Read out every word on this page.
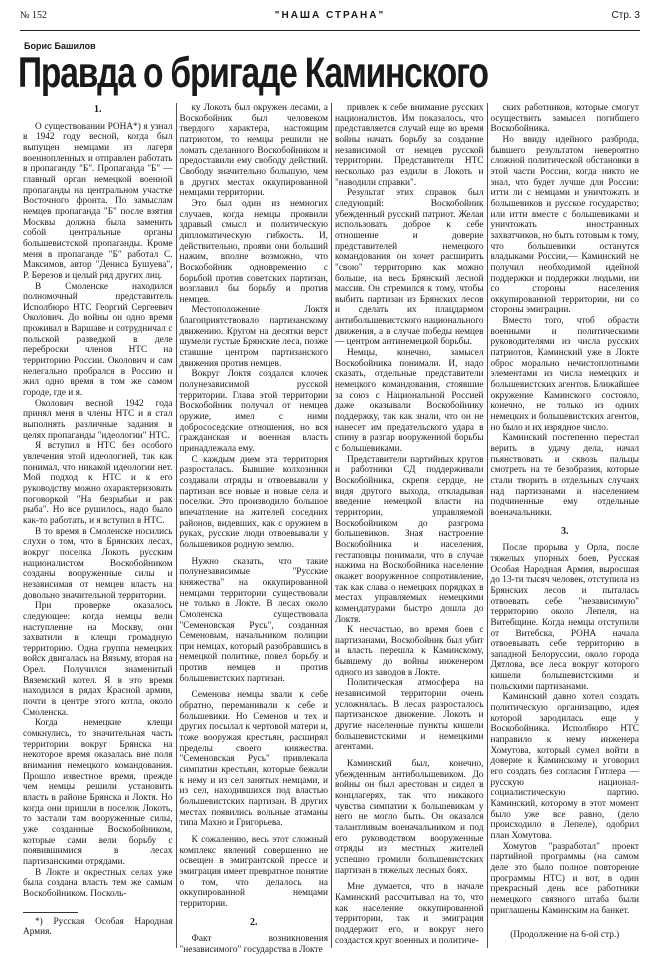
№ 152	"НАША СТРАНА"	Стр. 3
Борис Башилов
Правда о бригаде Каминского
1.

О существовании РОНА*) я узнал в 1942 году весной, когда был выпущен немцами из лагеря военнопленных и отправлен работать в пропаганду "Б". Пропаганда "Б" — главный орган немецкой военной пропаганды на центральном участке Восточного фронта. По замыслам немцев пропаганда "Б" после взятия Москвы должна была заменить собой центральные органы большевистской пропаганды. Кроме меня в пропаганде "Б" работал С. Максимов, автор "Дениса Бушуева", Р. Березов и целый ряд других лиц.

В Смоленске находился полномочный представитель Исполбюро НТС Георгий Сергеевич Околович. До войны он одно время проживал в Варшаве и сотрудничал с польской разведкой в деле переброски членов НТС на территорию России. Околович и сам нелегально пробрался в Россию и жил одно время в том же самом городе, где и я.

Околович весной 1942 года принял меня в члены НТС и я стал выполнять различные задания в целях пропаганды "идеологии" НТС.

Я вступил в НТС без особого увлечения этой идеологией, так как понимал, что никакой идеологии нет. Мой подход к НТС и к его руководству можно охарактеризовать поговоркой "На безрыбьи и рак рыба". Но все рушилось, надо было как-то работать, и я вступил в НТС.

В то время в Смоленске носились слухи о том, что в Брянских лесах, вокруг поселка Локоть русским националистом Воскобойником созданы вооруженные силы и независимая от немцев власть на довольно значительной территории.

При проверке оказалось следующее: когда немцы вели наступление на Москву, они захватили в клещи громадную территорию. Одна группа немецких войск двигалась на Вязьму, вторая на Орел. Получился знаменитый Вяземский котел. Я в это время находился в рядах Красной армии, почти в центре этого котла, около Смоленска.

Когда немецкие клещи сомкнулись, то значительная часть территории вокруг Брянска на некоторое время оказалась вне поля внимания немецкого командования. Прошло известное время, прежде чем немцы решили установить власть в районе Брянска и Локтя. Но когда они пришли в поселок Локоть, то застали там вооруженные силы, уже созданные Воскобойником, которые сами вели борьбу с появившимися в лесах партизанскими отрядами.

В Локте и окрестных селах уже была создана власть тем же самым Воскобойником. Посколь-

*) Русская Особая Народная Армия.

ку Локоть был окружен лесами, а Воскобойник был человеком твердого характера, настоящим патриотом, то немцы решили не ломать сделанного Воскобойником и предоставили ему свободу действий. Свободу значительно большую, чем в других местах оккупированной немцами территории.

Это был один из немногих случаев, когда немцы проявили здравый смысл и политическую дипломатическую гибкость. И, действительно, прояви они больший нажим, вполне возможно, что Воскобойник одновременно с борьбой против советских партизан, возглавил бы борьбу и против немцев.

Местоположение Локтя благоприятствовало партизанскому движению. Кругом на десятки верст шумели густые Брянские леса, позже ставшие центром партизанского движения против немцев.

Вокруг Локтя создался клочек полунезависимой русской территории. Глава этой территории Воскобойник получал от немцев оружие, имел с ними добрососедские отношения, но вся гражданская и военная власть принадлежала ему.

С каждым днем эта территория разросталась. Бывшие колхозники создавали отряды и отвоевывали у партизан все новые и новые села и поселки. Это производило большое впечатление на жителей соседних районов, видевших, как с оружием в руках, русские люди отвоевывали у большевиков родную землю.

Нужно сказать, что такие полунезависимые "Русские княжества" на оккупированной немцами территории существовали не только в Локте. В лесах около Смоленска существовала "Семеновская Русь", созданная Семеновым, начальником полиции при немцах, который разобравшись в немецкой политике, повел борьбу и против немцев и против большевистских партизан.

Семенова немцы звали к себе обратно, переманивали к себе и большевики. Но Семенов и тех и других посылал к чертовой матери и, тоже вооружая крестьян, расширял пределы своего княжества. "Семеновская Русь" привлекала симпатии крестьян, которые бежали к нему и из сел занятых немцами, и из сел, находившихся под властью большевистских партизан. В других местах появились вольные атаманы типа Махно и Григорьева.

К сожалению, весь этот сложный комплекс явлений совершенно не освещен в эмигрантской прессе и эмиграция имеет превратное понятие о том, что делалось на оккупированной немцами территории.

2.

Факт возникновения "независимого" государства в Локте

привлек к себе внимание русских националистов. Им показалось, что представляется случай еще во время войны начать борьбу за создание независимой от немцев русской территории. Представители НТС несколько раз ездили в Локоть и "наводили справки".

Результат этих справок был следующий: Воскобойник убежденный русский патриот. Желая использовать доброе к себе отношение и доверие представителей немецкого командования он хочет расширить "свою" территорию как можно больше, на весь Брянский лесной массив. Он стремился к тому, чтобы выбить партизан из Брянских лесов и сделать их плацдармом антибольшевистского национального движения, а в случае победы немцев — центром антинемецкой борьбы.

Немцы, конечно, замысел Воскобойника понимали. И, надо сказать, отдельные представители немецкого командования, стоявшие за союз с Национальной Россией даже оказывали Воскобойнику поддержку, так как знали, что он не нанесет им предательского удара в спину в разгар вооруженной борьбы с большевиками.

Представители партийных кругов и работники СД поддерживали Воскобойника, скрепя сердце, не видя другого выхода, откладывая введение немецкой власти на территории, управляемой Воскобойником до разгрома большевиков. Зная настроение Воскобойника и населения, гестаповцы понимали, что в случае нажима на Воскобойника население окажет вооруженное сопротивление, так как слава о немецких порядках в местах управляемых немецкими комендатурами быстро дошла до Локтя.

К несчастью, во время боев с партизанами, Воскобойник был убит и власть перешла к Каминскому, бывшему до войны инженером одного из заводов в Локте.

Политическая атмосфера на независимой территории очень усложнялась. В лесах разросталось партизанское движение. Локоть и другие населенные пункты кишели большевистскими и немецкими агентами.

Каминский был, конечно, убежденным антибольшевиком. До войны он был арестован и сидел в концлагерях, так что никакого чувства симпатии к большевикам у него не могло быть. Он оказался талантливым военачальником и под его руководством вооруженные отряды из местных жителей успешно громили большевистских партизан в тяжелых лесных боях.

Мне думается, что в начале Каминский рассчитывал на то, что как население оккупированной территории, так и эмиграция поддержит его, и вокруг него создастся круг военных и политиче-

ских работников, которые смогут осуществить замысел погибшего Воскобойника.

Но ввиду идейного разброда, бывшего результатом невероятно сложной политической обстановки в этой части России, когда никто не знал, что будет лучше для России: итти ли с немцами и уничтожать и большевиков и русское государство; или итти вместе с большевиками и уничтожать иностранных захватчиков, но быть готовым к тому, что большевики останутся владыками России,— Каминский не получил необходимой идейной поддержки и поддержки людьми, ни со стороны населения оккупированной территории, ни со стороны эмиграции.

Вместо того, чтоб обрасти военными и политическими руководителями из числа русских патриотов, Каминский уже в Локте оброс морально нечистоплотными элементами из числа немецких и большевистских агентов. Ближайшее окружение Каминского состояло, конечно, не только из одних немецких и большевистских агентов, но было и их изрядное число.

Каминский постепенно перестал верить в удачу дела, начал пьянствовать и сквозь пальцы смотреть на те безобразия, которые стали творить в отдельных случаях над партизанами и населением подчиненные ему отдельные военачальники.

3.

После прорыва у Орла, после тяжелых упорных боев, Русская Особая Народная Армия, выросшая до 13-ти тысяч человек, отступила из Брянских лесов и пыталась отвоевать себе "независимую" территорию около Лепеля, на Витебщине. Когда немцы отступили от Витебска, РОНА начала отвоевывать себе территорию в западной Белоруссии, около города Дятлова, все леса вокруг которого кишели большевистскими и польскими партизанами.

Каминский давно хотел создать политическую организацию, идея которой зародилась еще у Воскобойника. Исполбюро НТС направило к нему инженера Хомутова, который сумел войти в доверие к Каминскому и уговорил его создать без согласия Гитлера — русскую национал-социалистическую партию. Каминский, которому в этот момент было уже все равно, (дело происходило в Лепеле), одобрил план Хомутова.

Хомутов "разработал" проект партийной программы (на самом деле это было полное повторение программы НТС) и вот, в один прекрасный день все работники немецкого связного штаба были приглашены Каминским на банкет.

(Продолжение на 6-ой стр.)
